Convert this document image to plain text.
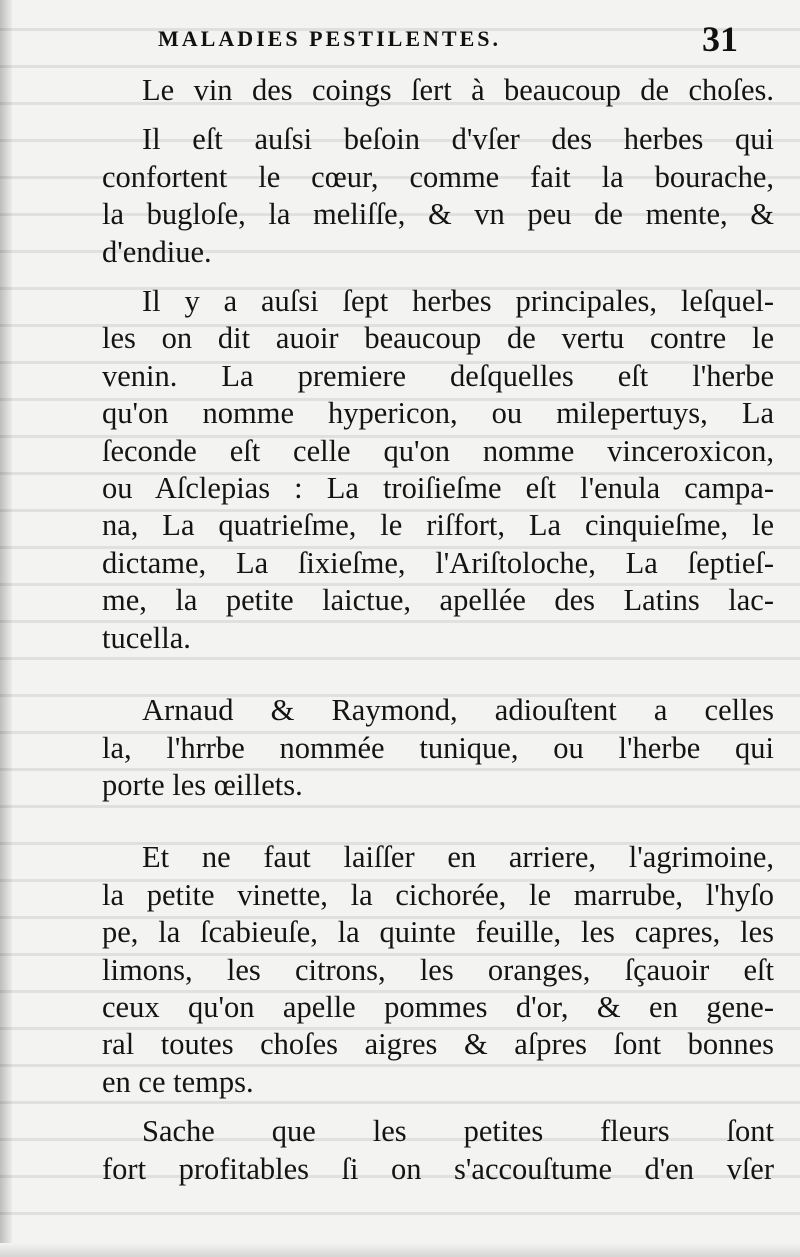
MALADIES PESTILENTES.	31
Le vin des coings ſert à beaucoup de choſes.
Il eſt auſsi beſoin d'vſer des herbes qui
confortent le cœur, comme fait la bourache,
la bugloſe, la meliſſe, & vn peu de mente, &
d'endiue.
Il y a auſsi ſept herbes principales, leſquel-
les on dit auoir beaucoup de vertu contre le
venin. La premiere deſquelles eſt l'herbe
qu'on nomme hypericon, ou milepertuys, La
ſeconde eſt celle qu'on nomme vinceroxicon,
ou Aſclepias : La troiſieſme eſt l'enula campa-
na, La quatrieſme, le riſfort, La cinquieſme, le
dictame, La ſixieſme, l'Ariſtoloche, La ſeptieſ-
me, la petite laictue, apellée des Latins lac-
tucella.
Arnaud & Raymond, adiouſtent a celles
la, l'hrrbe nommée tunique, ou l'herbe qui
porte les œillets.
Et ne faut laiſſer en arriere, l'agrimoine,
la petite vinette, la cichorée, le marrube, l'hyſo
pe, la ſcabieuſe, la quinte feuille, les capres, les
limons, les citrons, les oranges, ſçauoir eſt
ceux qu'on apelle pommes d'or, & en gene-
ral toutes choſes aigres & aſpres ſont bonnes
en ce temps.
Sache que les petites fleurs ſont
fort profitables ſi on s'accouſtume d'en vſer
